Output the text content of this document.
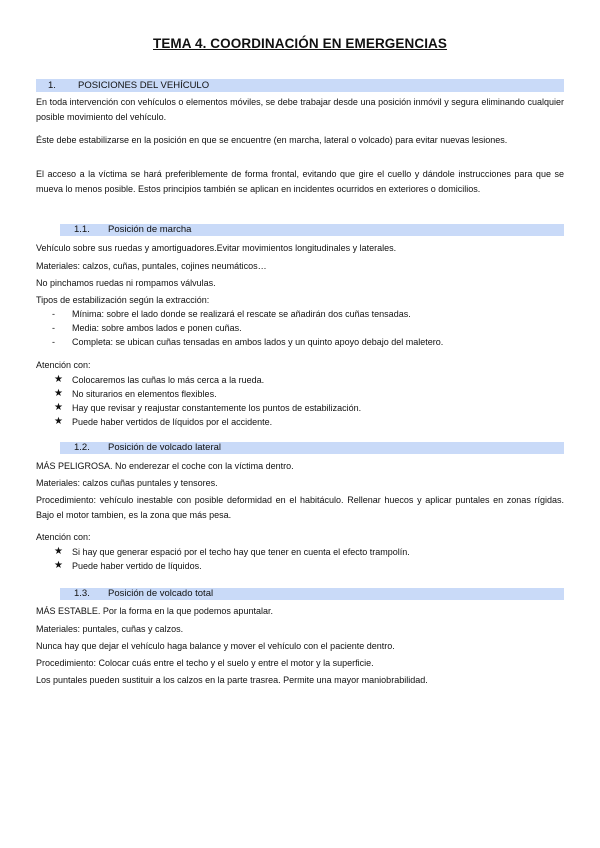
TEMA 4. COORDINACIÓN EN EMERGENCIAS
1. POSICIONES DEL VEHÍCULO

En toda intervención con vehículos o elementos móviles, se debe trabajar desde una posición inmóvil y segura eliminando cualquier posible movimiento del vehículo.

Éste debe estabilizarse en la posición en que se encuentre (en marcha, lateral o volcado) para evitar nuevas lesiones.

El acceso a la víctima se hará preferiblemente de forma frontal, evitando que gire el cuello y dándole instrucciones para que se mueva lo menos posible. Estos principios también se aplican en incidentes ocurridos en exteriores o domicilios.

1.1. Posición de marcha

Vehículo sobre sus ruedas y amortiguadores.Evitar movimientos longitudinales y laterales.

Materiales: calzos, cuñas, puntales, cojines neumáticos…

No pinchamos ruedas ni rompamos válvulas.

Tipos de estabilización según la extracción:

- Mínima: sobre el lado donde se realizará el rescate se añadirán dos cuñas tensadas.
- Media: sobre ambos lados e ponen cuñas.
- Completa: se ubican cuñas tensadas en ambos lados y un quinto apoyo debajo del maletero.

Atención con:

★ Colocaremos las cuñas lo más cerca a la rueda.
★ No siturarios en elementos flexibles.
★ Hay que revisar y reajustar constantemente los puntos de estabilización.
★ Puede haber vertidos de líquidos por el accidente.
1.2. Posición de volcado lateral

MÁS PELIGROSA. No enderezar el coche con la víctima dentro.

Materiales: calzos cuñas puntales y tensores.

Procedimiento: vehículo inestable con posible deformidad en el habitáculo. Rellenar huecos y aplicar puntales en zonas rígidas. Bajo el motor tambien, es la zona que más pesa.

Atención con:

★ Si hay que generar espació por el techo hay que tener en cuenta el efecto trampolín.
★ Puede haber vertido de líquidos.
1.3. Posición de volcado total

MÁS ESTABLE. Por la forma en la que podemos apuntalar.

Materiales: puntales, cuñas y calzos.

Nunca hay que dejar el vehículo haga balance y mover el vehículo con el paciente dentro.

Procedimiento: Colocar cuás entre el techo y el suelo y entre el motor y la superficie.

Los puntales pueden sustituir a los calzos en la parte trasrea. Permite una mayor maniobrabilidad.
